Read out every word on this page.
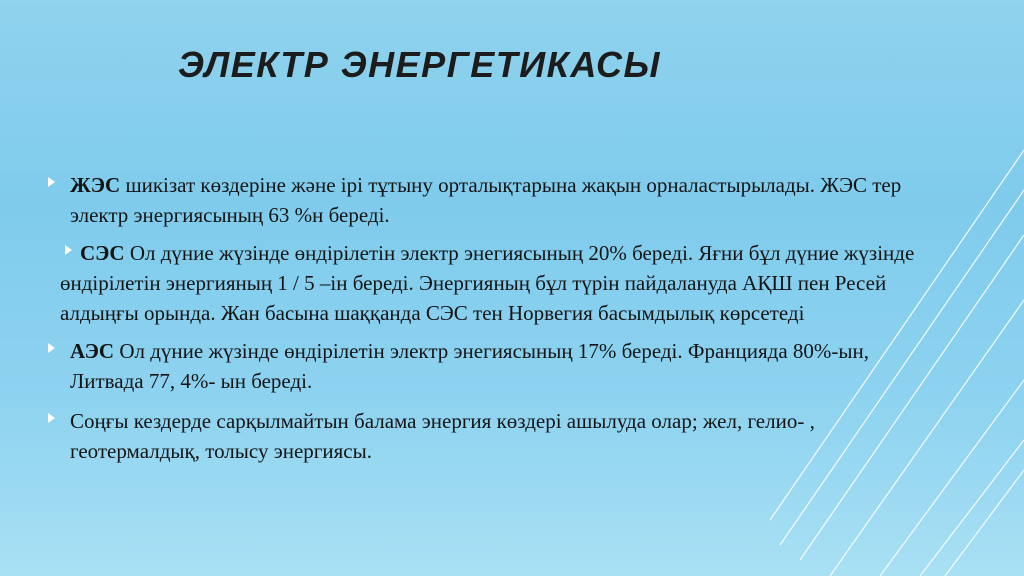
ЭЛЕКТР ЭНЕРГЕТИКАСЫ
ЖЭС шикізат көздеріне және ірі тұтыну орталықтарына жақын орналастырылады. ЖЭС тер электр энергиясының 63 %н береді.
СЭС Ол дүние жүзінде өндірілетін электр энегиясының 20% береді. Яғни бұл дүние жүзінде өндірілетін энергияның 1 / 5 –ін береді. Энергияның бұл түрін пайдалануда АҚШ пен Ресей алдыңғы орында. Жан басына шаққанда СЭС тен Норвегия басымдылық көрсетеді
АЭС Ол дүние жүзінде өндірілетін электр энегиясының 17% береді. Францияда 80%-ын, Литвада 77, 4%- ын береді.
Соңғы кездерде сарқылмайтын балама энергия көздері ашылуда олар; жел, гелио- , геотермалдық, толысу энергиясы.
